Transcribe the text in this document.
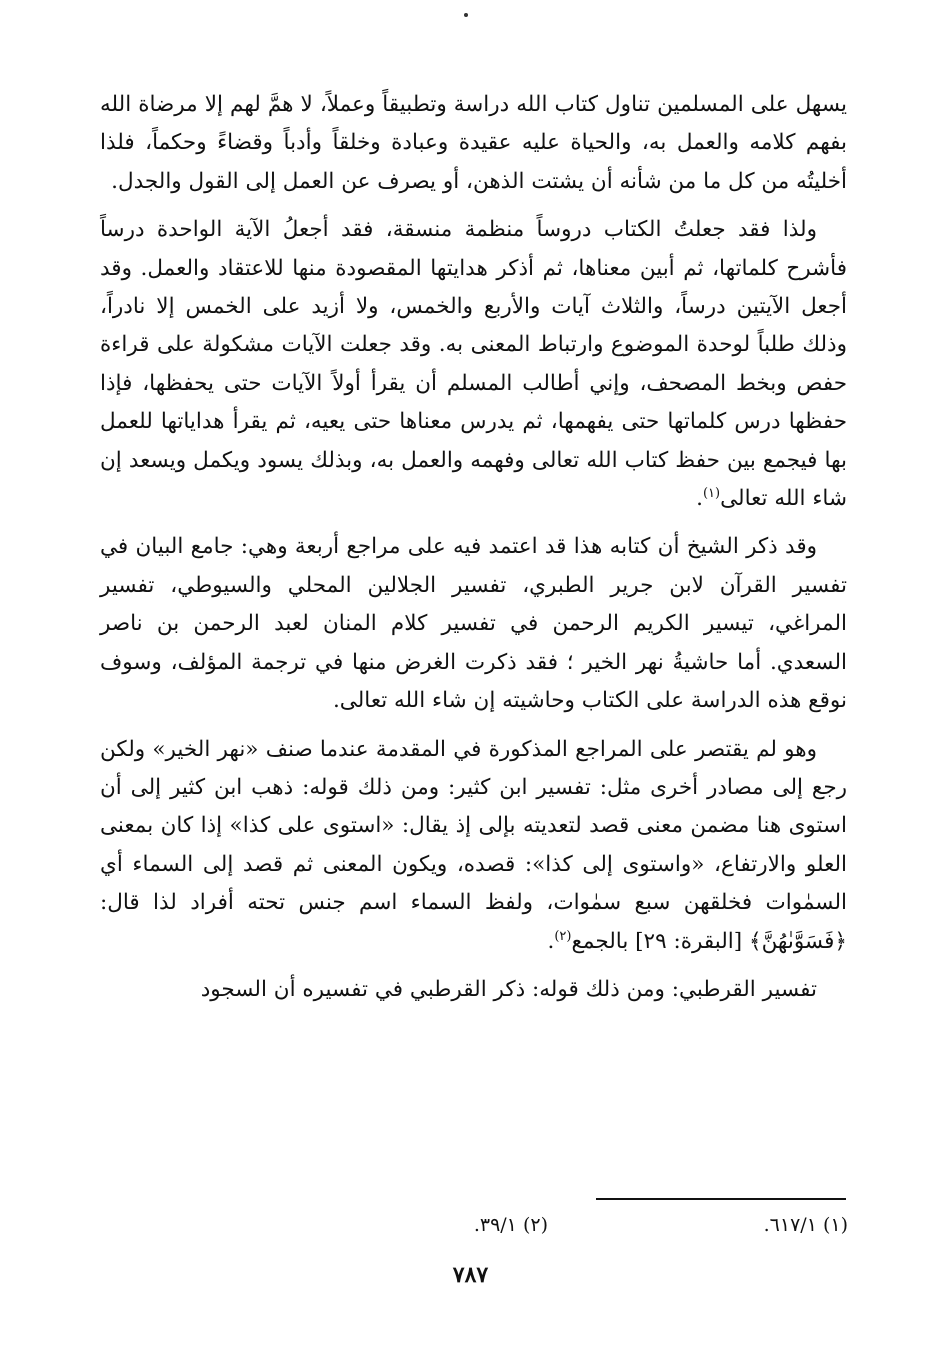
يسهل على المسلمين تناول كتاب الله دراسة وتطبيقاً وعملاً، لا همَّ لهم إلا مرضاة الله بفهم كلامه والعمل به، والحياة عليه عقيدة وعبادة وخلقاً وأدباً وقضاءً وحكماً، فلذا أخليتُه من كل ما من شأنه أن يشتت الذهن، أو يصرف عن العمل إلى القول والجدل.

ولذا فقد جعلتُ الكتاب دروساً منظمة منسقة، فقد أجعلُ الآية الواحدة درساً فأشرح كلماتها، ثم أبين معناها، ثم أذكر هدايتها المقصودة منها للاعتقاد والعمل. وقد أجعل الآيتين درساً، والثلاث آيات والأربع والخمس، ولا أزيد على الخمس إلا نادراً، وذلك طلباً لوحدة الموضوع وارتباط المعنى به. وقد جعلت الآيات مشكولة على قراءة حفص وبخط المصحف، وإني أطالب المسلم أن يقرأ أولاً الآيات حتى يحفظها، فإذا حفظها درس كلماتها حتى يفهمها، ثم يدرس معناها حتى يعيه، ثم يقرأ هداياتها للعمل بها فيجمع بين حفظ كتاب الله تعالى وفهمه والعمل به، وبذلك يسود ويكمل ويسعد إن شاء الله تعالى$^{(١)}$.

وقد ذكر الشيخ أن كتابه هذا قد اعتمد فيه على مراجع أربعة وهي: جامع البيان في تفسير القرآن لابن جرير الطبري، تفسير الجلالين المحلي والسيوطي، تفسير المراغي، تيسير الكريم الرحمن في تفسير كلام المنان لعبد الرحمن بن ناصر السعدي. أما حاشيةُ نهر الخير ؛ فقد ذكرت الغرض منها في ترجمة المؤلف، وسوف نوقع هذه الدراسة على الكتاب وحاشيته إن شاء الله تعالى.

وهو لم يقتصر على المراجع المذكورة في المقدمة عندما صنف «نهر الخير» ولكن رجع إلى مصادر أخرى مثل: تفسير ابن كثير: ومن ذلك قوله: ذهب ابن كثير إلى أن استوى هنا مضمن معنى قصد لتعديته بإلى إذ يقال: «استوى على كذا» إذا كان بمعنى العلو والارتفاع، «واستوى إلى كذا»: قصده، ويكون المعنى ثم قصد إلى السماء أي السمٰوات فخلقهن سبع سمٰوات، ولفظ السماء اسم جنس تحته أفراد لذا قال: ﴿فَسَوَّىٰهُنَّ﴾ [البقرة: ٢٩] بالجمع$^{(٢)}$.

تفسير القرطبي: ومن ذلك قوله: ذكر القرطبي في تفسيره أن السجود

(١) ٦١٧/١.
(٢) ٣٩/١.
٧٨٧
